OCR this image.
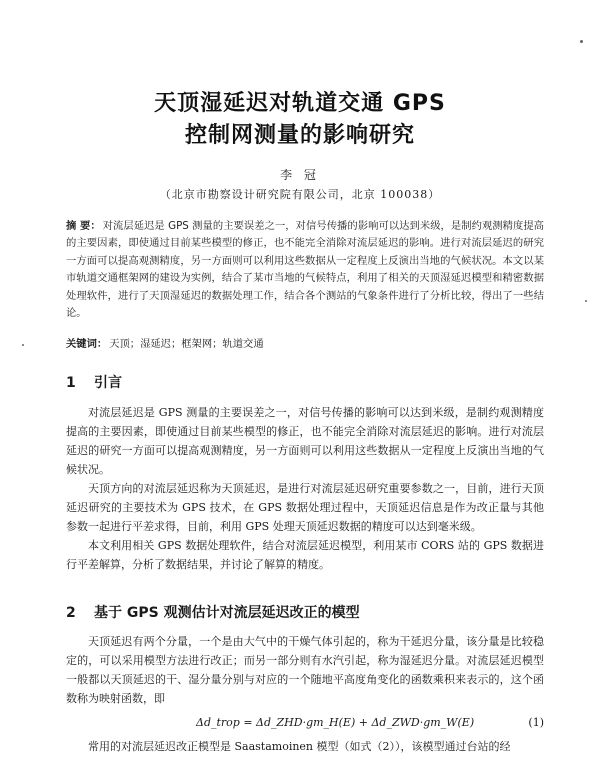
天顶湿延迟对轨道交通 GPS
控制网测量的影响研究
李 冠
（北京市勘察设计研究院有限公司，北京 100038）
摘 要： 对流层延迟是 GPS 测量的主要误差之一，对信号传播的影响可以达到米级，是制约观测精度提高的主要因素，即使通过目前某些模型的修正，也不能完全消除对流层延迟的影响。进行对流层延迟的研究一方面可以提高观测精度，另一方面则可以利用这些数据从一定程度上反演出当地的气候状况。本文以某市轨道交通框架网的建设为实例，结合了某市当地的气候特点，利用了相关的天顶湿延迟模型和精密数据处理软件，进行了天顶湿延迟的数据处理工作，结合各个测站的气象条件进行了分析比较，得出了一些结论。
关键词： 天顶；湿延迟；框架网；轨道交通
1 引言

对流层延迟是 GPS 测量的主要误差之一，对信号传播的影响可以达到米级，是制约观测精度提高的主要因素，即使通过目前某些模型的修正，也不能完全消除对流层延迟的影响。进行对流层延迟的研究一方面可以提高观测精度，另一方面则可以利用这些数据从一定程度上反演出当地的气候状况。

天顶方向的对流层延迟称为天顶延迟，是进行对流层延迟研究重要参数之一，目前，进行天顶延迟研究的主要技术为 GPS 技术，在 GPS 数据处理过程中，天顶延迟信息是作为改正量与其他参数一起进行平差求得，目前，利用 GPS 处理天顶延迟数据的精度可以达到毫米级。

本文利用相关 GPS 数据处理软件，结合对流层延迟模型，利用某市 CORS 站的 GPS 数据进行平差解算，分析了数据结果，并讨论了解算的精度。

2 基于 GPS 观测估计对流层延迟改正的模型

天顶延迟有两个分量，一个是由大气中的干燥气体引起的，称为干延迟分量，该分量是比较稳定的，可以采用模型方法进行改正；而另一部分则有水汽引起，称为湿延迟分量。对流层延迟模型一般都以天顶延迟的干、湿分量分别与对应的一个随地平高度角变化的函数乘积来表示的，这个函数称为映射函数，即

Δd_trop = Δd_ZHD·gm_H(E) + Δd_ZWD·gm_W(E)	(1)
常用的对流层延迟改正模型是 Saastamoinen 模型（如式（2）），该模型通过台站的经
